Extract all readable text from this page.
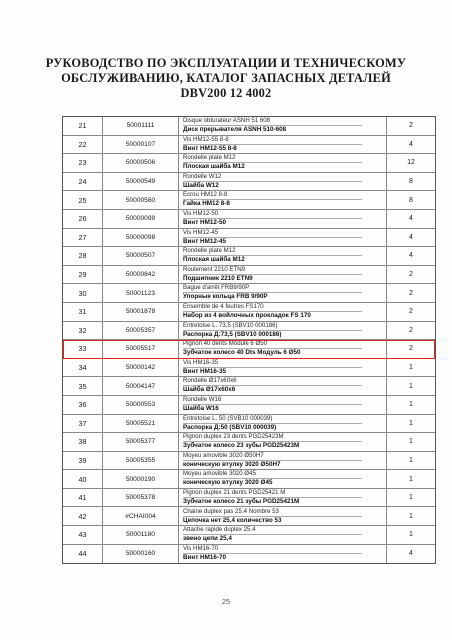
РУКОВОДСТВО ПО ЭКСПЛУАТАЦИИ И ТЕХНИЧЕСКОМУ
ОБСЛУЖИВАНИЮ, КАТАЛОГ ЗАПАСНЫХ ДЕТАЛЕЙ
DBV200 12 4002
21	50001111
Disque obturateur ASNH 51 608
Диск прерывателя ASNH 510-608
2
22	50000107
Vis HM12-55 8-8
Винт HM12-55 8-8
4
23	50000506
Rondelle plate M12
Плоская шайба M12
12
24	50000549
Rondelle W12
Шайба W12
8
25	50000580
Ecrou HM12 8-8
Гайка HM12 8-8
8
26	50000099
Vis HM12-50
Винт HM12-50
4
27	50000098
Vis HM12-45
Винт HM12-45
4
28	50000507
Rondelle plate M12
Плоская шайба M12
4
29	50000842
Roulement 2210 ETN9
Подшипник 2210 ETN9
2
30	50001123
Bague d'arrêt FRB9/90P
Упорные кольца FRB 9/90P
2
31	50001878
Ensemble de 4 feutres FS170
Набор из 4 войлочных прокладок FS 170
2
32	50005357
Entretoise L. 73,5 (SBV10 000186)
Распорка Д:73,5 (SBV10 000186)
2
33	50005517
Pignon 40 dents Module 6 Ø50
Зубчатое колесо 40 Dts Модуль 6 Ø50
2
34	50000142
Vis HM16-35
Винт HM16-35
1
35	50004147
Rondelle Ø17x60x6
Шайба Ø17x60x6
1
36	50000553
Rondelle W16
Шайба W16
1
37	50005521
Entretoise L. 50 (SVB10 000039)
Распорка Д:50 (SBV10 000039)
1
38	50005377
Pignon duplex 23 dents PGD25423M
Зубчатое колесо 23 зубы PGD25423M
1
39	50005355
Moyeu amovible 3020 Ø50H7
коническую втулку 3020 Ø50H7
1
40	50000190
Moyeu amovible 3020 Ø45
коническую втулку 3020 Ø45
1
41	50005378
Pignon duplex 21 dents PGD25421 M
Зубчатое колесо 21 зубы PGD25421M
1
42	#CHAI004
Chaine duplex pas 25.4 Nombre 53
Цепочка нет 25,4 количество 53
1
43	50001180
Attache rapide duplex 25.4
звено цепи 25,4
1
44	50000160
Vis HM16-70
Винт HM16-70
4
25
